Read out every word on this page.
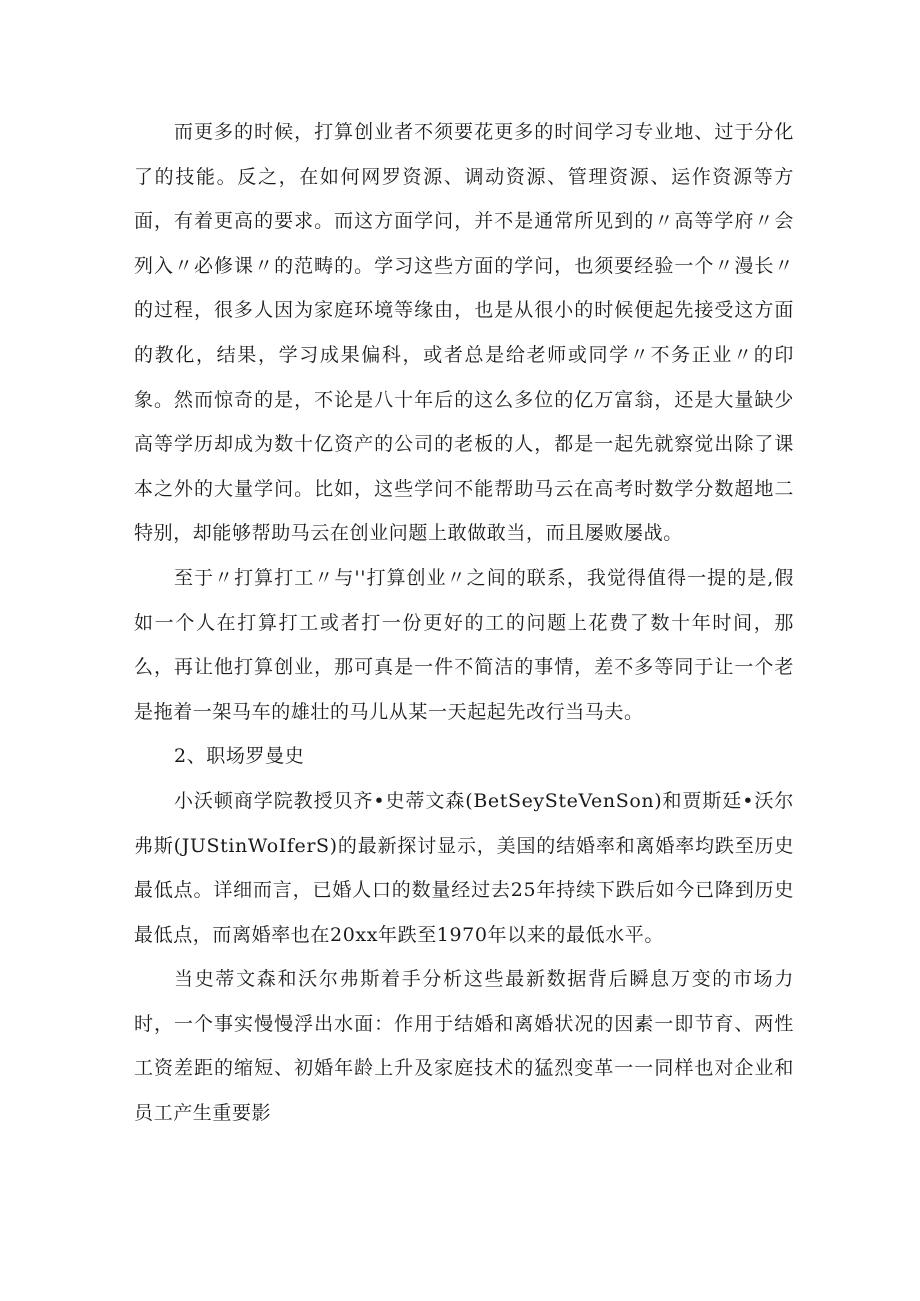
而更多的时候，打算创业者不须要花更多的时间学习专业地、过于分化了的技能。反之，在如何网罗资源、调动资源、管理资源、运作资源等方面，有着更高的要求。而这方面学问，并不是通常所见到的〃高等学府〃会列入〃必修课〃的范畴的。学习这些方面的学问，也须要经验一个〃漫长〃的过程，很多人因为家庭环境等缘由，也是从很小的时候便起先接受这方面的教化，结果，学习成果偏科，或者总是给老师或同学〃不务正业〃的印象。然而惊奇的是，不论是八十年后的这么多位的亿万富翁，还是大量缺少高等学历却成为数十亿资产的公司的老板的人，都是一起先就察觉出除了课本之外的大量学问。比如，这些学问不能帮助马云在高考时数学分数超地二特别，却能够帮助马云在创业问题上敢做敢当，而且屡败屡战。

至于〃打算打工〃与''打算创业〃之间的联系，我觉得值得一提的是,假如一个人在打算打工或者打一份更好的工的问题上花费了数十年时间，那么，再让他打算创业，那可真是一件不简洁的事情，差不多等同于让一个老是拖着一架马车的雄壮的马儿从某一天起起先改行当马夫。

2、职场罗曼史

小沃顿商学院教授贝齐•史蒂文森(BetSeySteVenSon)和贾斯廷•沃尔弗斯(JUStinWoIferS)的最新探讨显示，美国的结婚率和离婚率均跌至历史最低点。详细而言，已婚人口的数量经过去25年持续下跌后如今已降到历史最低点，而离婚率也在20xx年跌至1970年以来的最低水平。

当史蒂文森和沃尔弗斯着手分析这些最新数据背后瞬息万变的市场力时，一个事实慢慢浮出水面：作用于结婚和离婚状况的因素一即节育、两性工资差距的缩短、初婚年龄上升及家庭技术的猛烈变革一一同样也对企业和员工产生重要影
